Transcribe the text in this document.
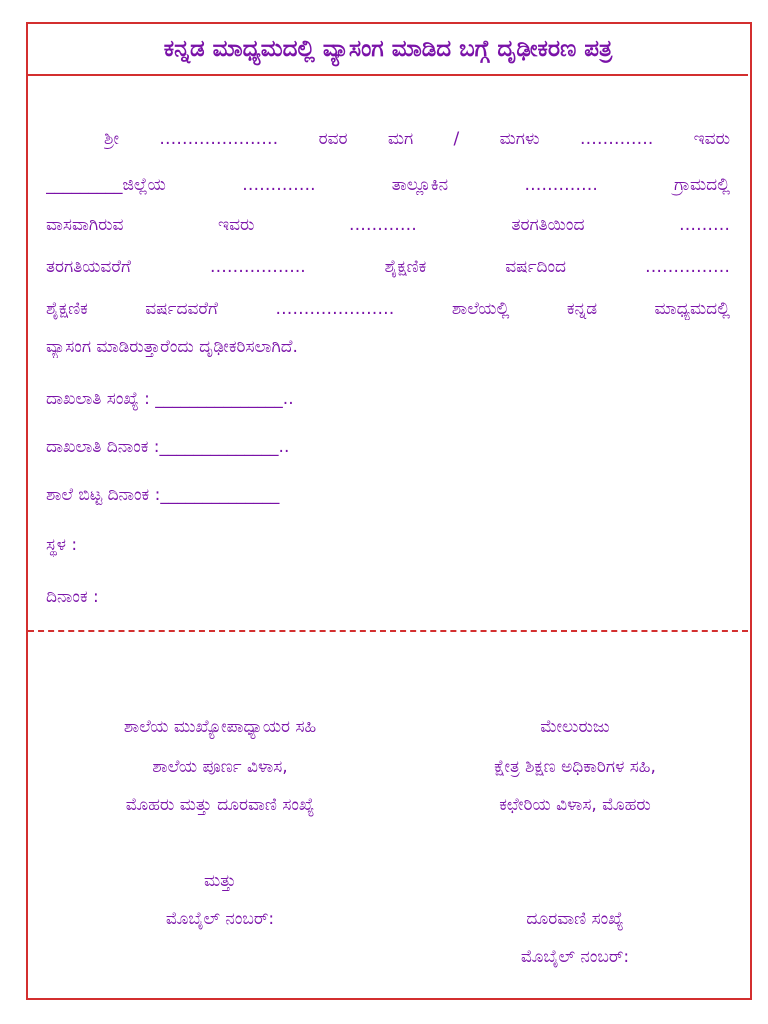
ಕನ್ನಡ ಮಾಧ್ಯಮದಲ್ಲಿ ವ್ಯಾಸಂಗ ಮಾಡಿದ ಬಗ್ಗೆ ದೃಢೀಕರಣ ಪತ್ರ
ಶ್ರೀ ………………… ರವರ ಮಗ / ಮಗಳು …………. ಇವರು
_________ಜಿಲ್ಲೆಯ …………. ತಾಲ್ಲೂಕಿನ …………. ಗ್ರಾಮದಲ್ಲಿ
ವಾಸವಾಗಿರುವ ಇವರು ………… ತರಗತಿಯಿಂದ ………
ತರಗತಿಯವರೆಗೆ …………….. ಶೈಕ್ಷಣಿಕ ವರ್ಷದಿಂದ ……………
ಶೈಕ್ಷಣಿಕ ವರ್ಷದವರೆಗೆ ………………… ಶಾಲೆಯಲ್ಲಿ ಕನ್ನಡ ಮಾಧ್ಯಮದಲ್ಲಿ
ವ್ಯಾಸಂಗ ಮಾಡಿರುತ್ತಾರೆಂದು ದೃಢೀಕರಿಸಲಾಗಿದೆ.
ದಾಖಲಾತಿ ಸಂಖ್ಯೆ : _______________..
ದಾಖಲಾತಿ ದಿನಾಂಕ :______________..
ಶಾಲೆ ಬಿಟ್ಟ ದಿನಾಂಕ :______________
ಸ್ಥಳ :
ದಿನಾಂಕ :
ಶಾಲೆಯ ಮುಖ್ಯೋಪಾಧ್ಯಾಯರ ಸಹಿ
ಶಾಲೆಯ ಪೂರ್ಣ ವಿಳಾಸ,
ಮೊಹರು ಮತ್ತು ದೂರವಾಣಿ ಸಂಖ್ಯೆ
ಮತ್ತು
ಮೊಬೈಲ್ ನಂಬರ್:
ಮೇಲುರುಜು
ಕ್ಷೇತ್ರ ಶಿಕ್ಷಣ ಅಧಿಕಾರಿಗಳ ಸಹಿ,
ಕಛೇರಿಯ ವಿಳಾಸ, ಮೊಹರು
ದೂರವಾಣಿ ಸಂಖ್ಯೆ
ಮೊಬೈಲ್ ನಂಬರ್:
